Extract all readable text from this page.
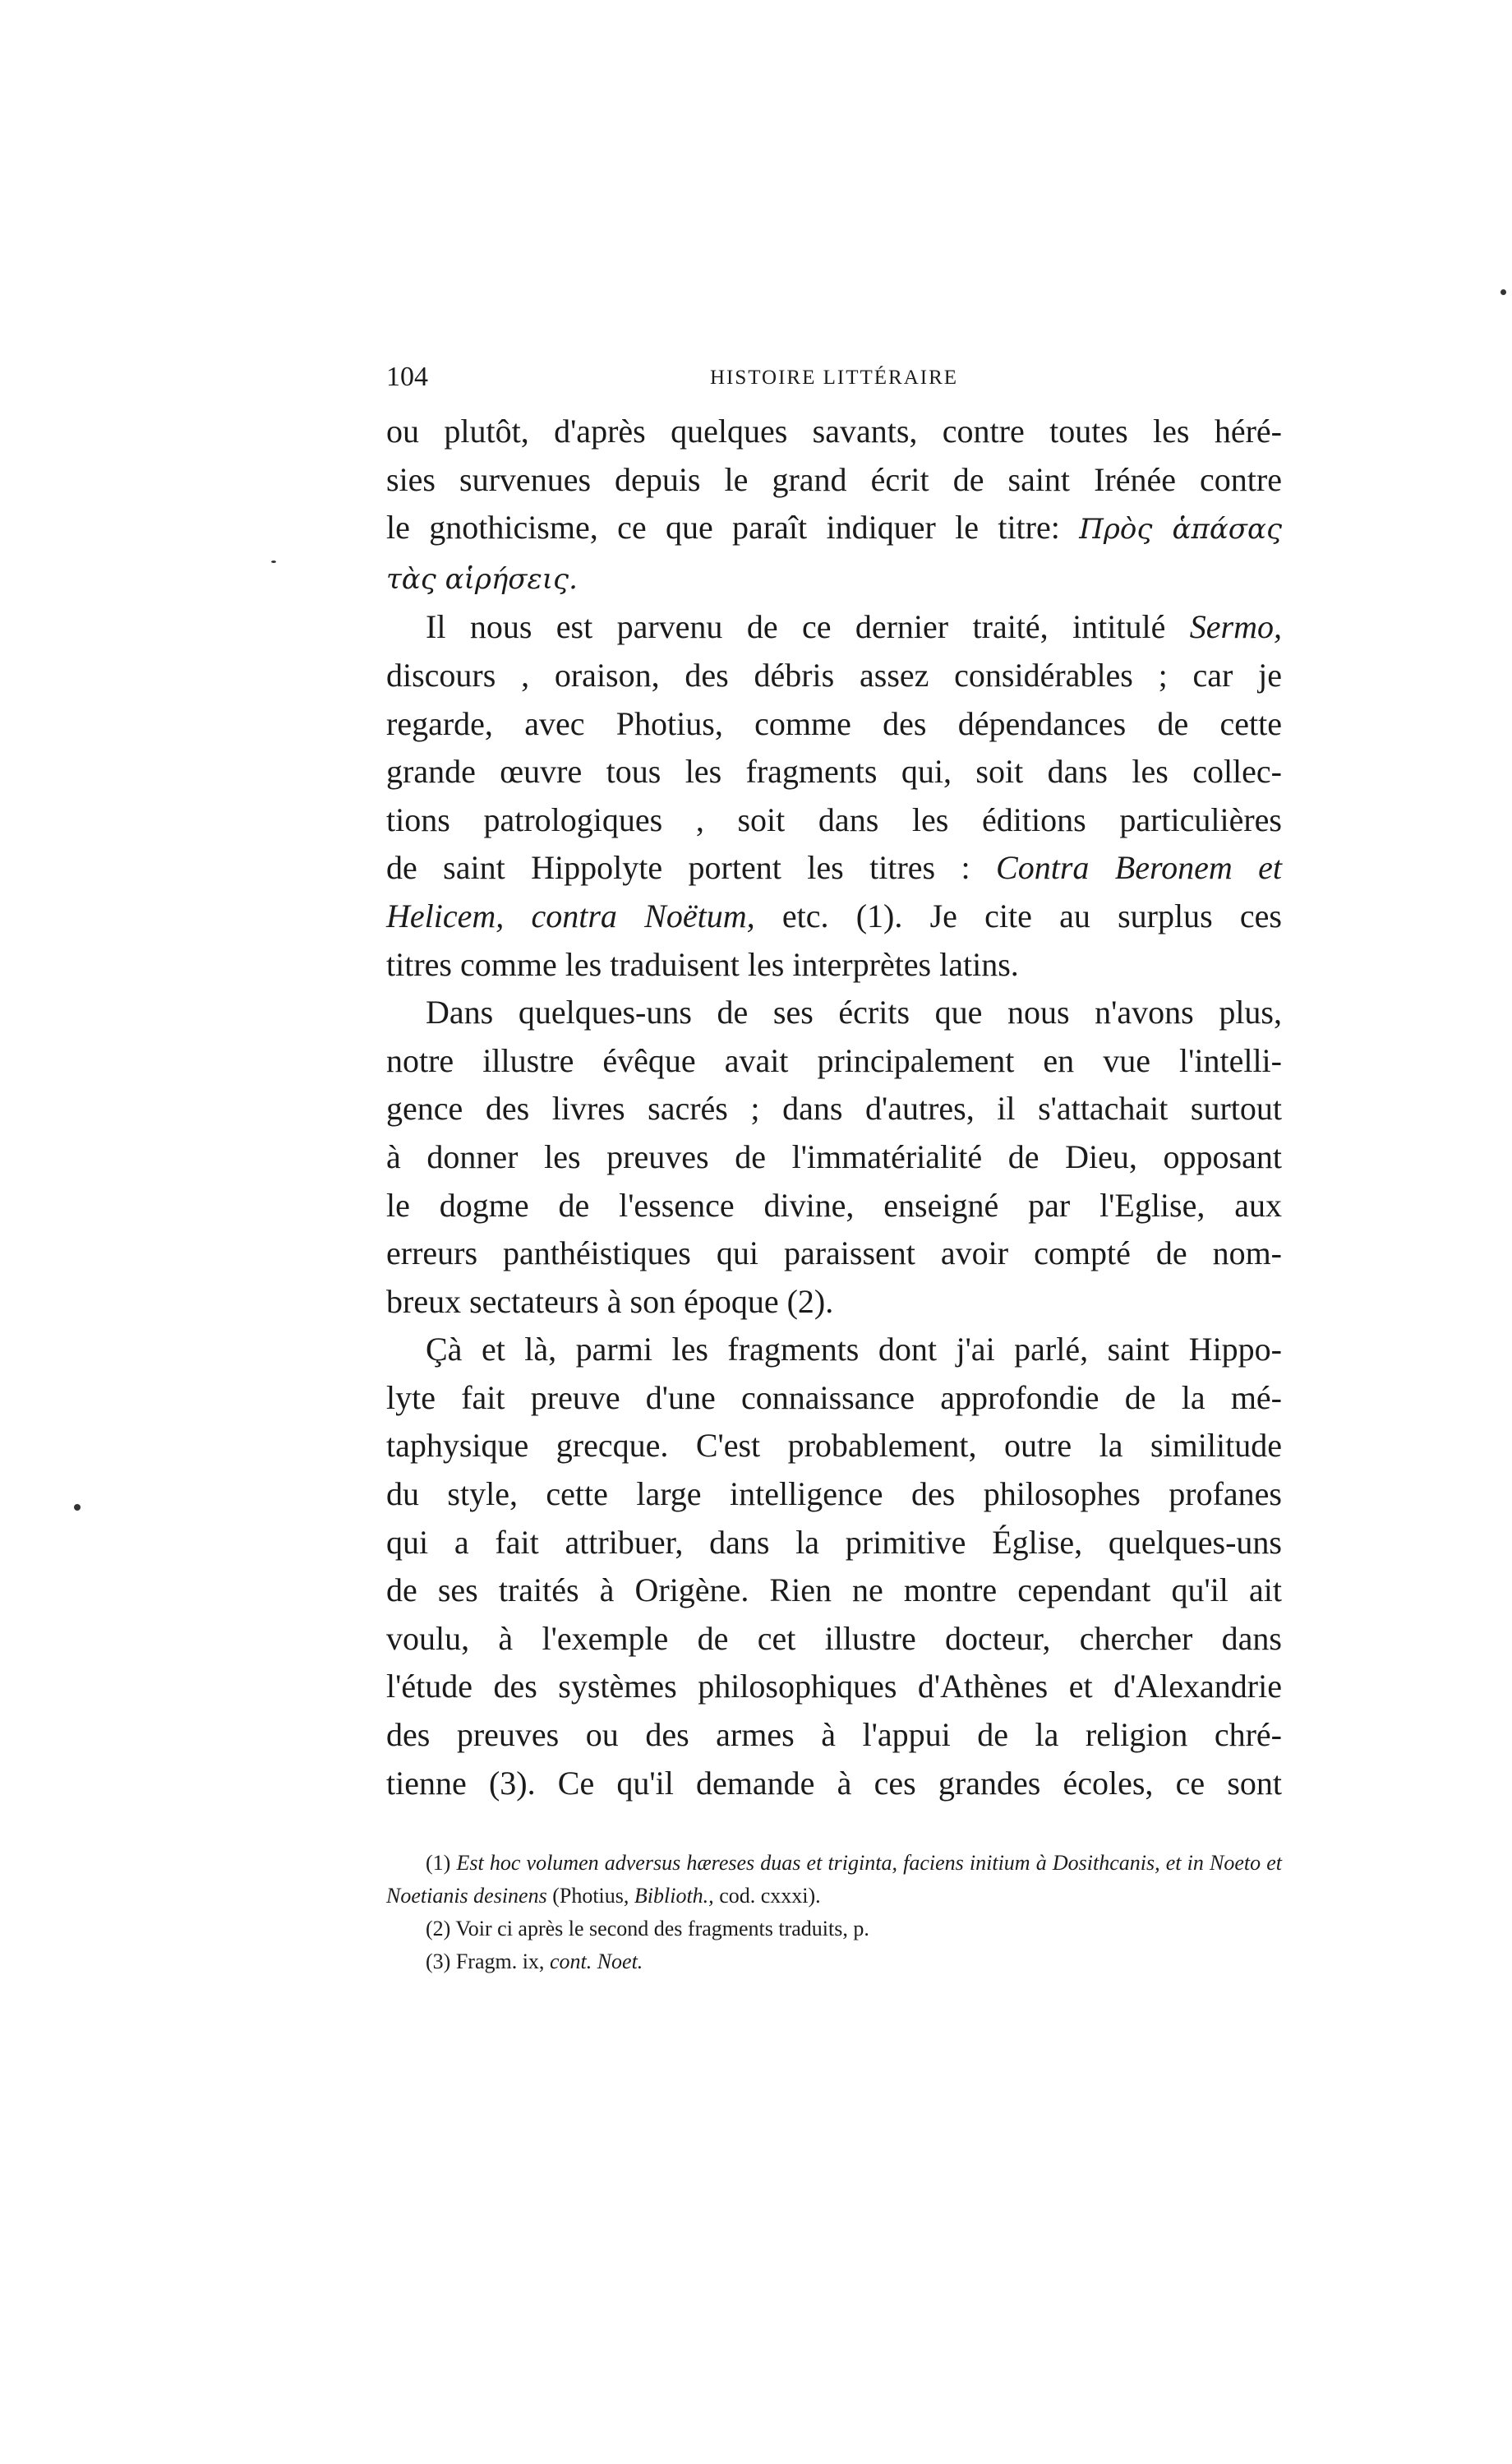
104	HISTOIRE LITTÉRAIRE
ou plutôt, d'après quelques savants, contre toutes les héré-
sies survenues depuis le grand écrit de saint Irénée contre
le gnothicisme, ce que paraît indiquer le titre: Πρὸς ἁπάσας
τὰς αἱρήσεις.
Il nous est parvenu de ce dernier traité, intitulé Sermo,
discours , oraison, des débris assez considérables ; car je
regarde, avec Photius, comme des dépendances de cette
grande œuvre tous les fragments qui, soit dans les collec-
tions patrologiques , soit dans les éditions particulières
de saint Hippolyte portent les titres : Contra Beronem et
Helicem, contra Noëtum, etc. (1). Je cite au surplus ces
titres comme les traduisent les interprètes latins.
Dans quelques-uns de ses écrits que nous n'avons plus,
notre illustre évêque avait principalement en vue l'intelli-
gence des livres sacrés ; dans d'autres, il s'attachait surtout
à donner les preuves de l'immatérialité de Dieu, opposant
le dogme de l'essence divine, enseigné par l'Eglise, aux
erreurs panthéistiques qui paraissent avoir compté de nom-
breux sectateurs à son époque (2).
Çà et là, parmi les fragments dont j'ai parlé, saint Hippo-
lyte fait preuve d'une connaissance approfondie de la mé-
taphysique grecque. C'est probablement, outre la similitude
du style, cette large intelligence des philosophes profanes
qui a fait attribuer, dans la primitive Église, quelques-uns
de ses traités à Origène. Rien ne montre cependant qu'il ait
voulu, à l'exemple de cet illustre docteur, chercher dans
l'étude des systèmes philosophiques d'Athènes et d'Alexandrie
des preuves ou des armes à l'appui de la religion chré-
tienne (3). Ce qu'il demande à ces grandes écoles, ce sont
(1) Est hoc volumen adversus hæreses duas et triginta, faciens initium à Dosithcanis, et in Noeto et Noetianis desinens (Photius, Biblioth., cod. cxxxi).
(2) Voir ci après le second des fragments traduits, p.
(3) Fragm. ix, cont. Noet.
